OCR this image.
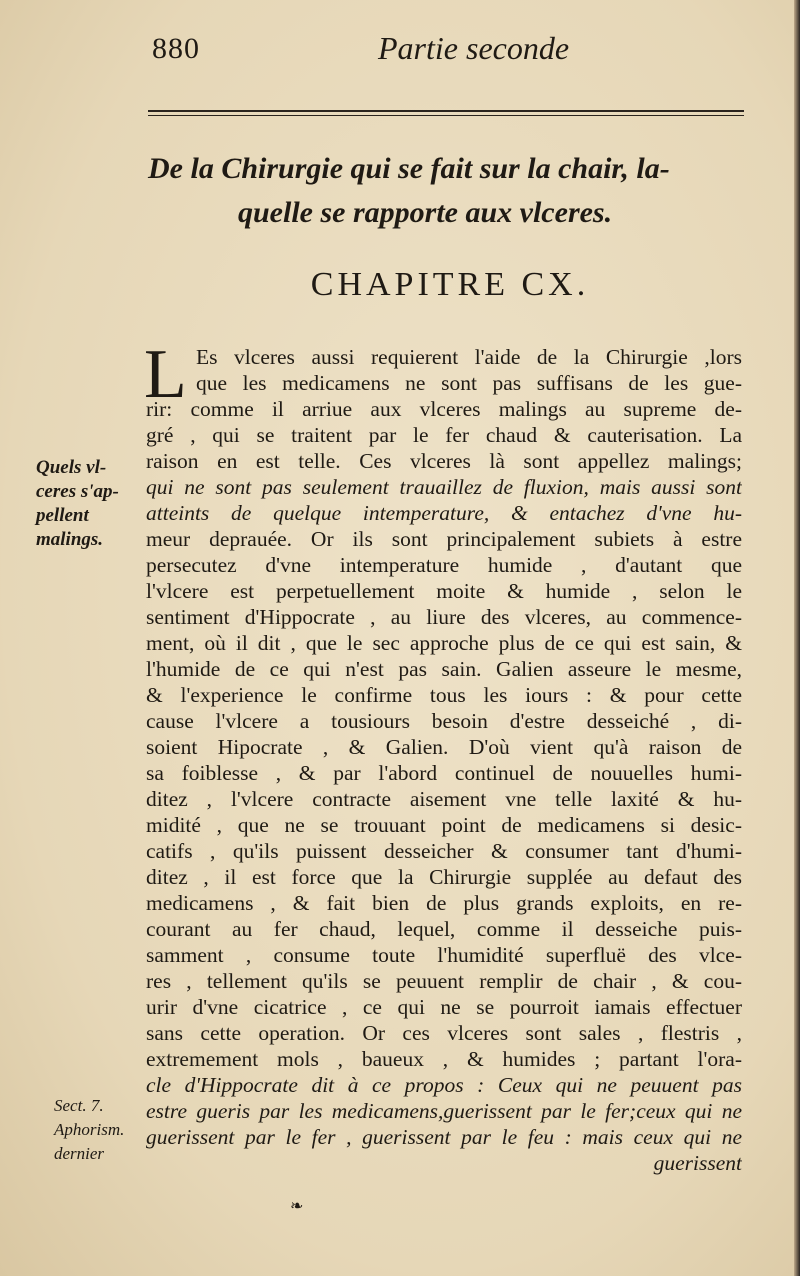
880	Partie seconde
De la Chirurgie qui se fait sur la chair, la-
quelle se rapporte aux vlceres.
CHAPITRE CX.
L Es vlceres aussi requierent l'aide de la Chirurgie ,lors
que les medicamens ne sont pas suffisans de les gue-
rir: comme il arriue aux vlceres malings au supreme de-
gré , qui se traitent par le fer chaud & cauterisation. La
raison en est telle. Ces vlceres là sont appellez malings;
qui ne sont pas seulement trauaillez de fluxion, mais aussi sont
atteints de quelque intemperature, & entachez d'vne hu-
meur deprauée. Or ils sont principalement subiets à estre
persecutez d'vne intemperature humide , d'autant que
l'vlcere est perpetuellement moite & humide , selon le
sentiment d'Hippocrate , au liure des vlceres, au commence-
ment, où il dit , que le sec approche plus de ce qui est sain, &
l'humide de ce qui n'est pas sain. Galien asseure le mesme,
& l'experience le confirme tous les iours : & pour cette
cause l'vlcere a tousiours besoin d'estre desseiché , di-
soient Hipocrate , & Galien. D'où vient qu'à raison de
sa foiblesse , & par l'abord continuel de nouuelles humi-
ditez , l'vlcere contracte aisement vne telle laxité & hu-
midité , que ne se trouuant point de medicamens si desic-
catifs , qu'ils puissent desseicher & consumer tant d'humi-
ditez , il est force que la Chirurgie supplée au defaut des
medicamens , & fait bien de plus grands exploits, en re-
courant au fer chaud, lequel, comme il desseiche puis-
samment , consume toute l'humidité superfluë des vlce-
res , tellement qu'ils se peuuent remplir de chair , & cou-
urir d'vne cicatrice , ce qui ne se pourroit iamais effectuer
sans cette operation. Or ces vlceres sont sales , flestris ,
extremement mols , baueux , & humides ; partant l'ora-
cle d'Hippocrate dit à ce propos : Ceux qui ne peuuent pas
estre gueris par les medicamens,guerissent par le fer;ceux qui ne
guerissent par le fer , guerissent par le feu : mais ceux qui ne
guerissent
Quels vl-
ceres s'ap-
pellent
malings.
Sect. 7.
Aphorism.
dernier
❧
